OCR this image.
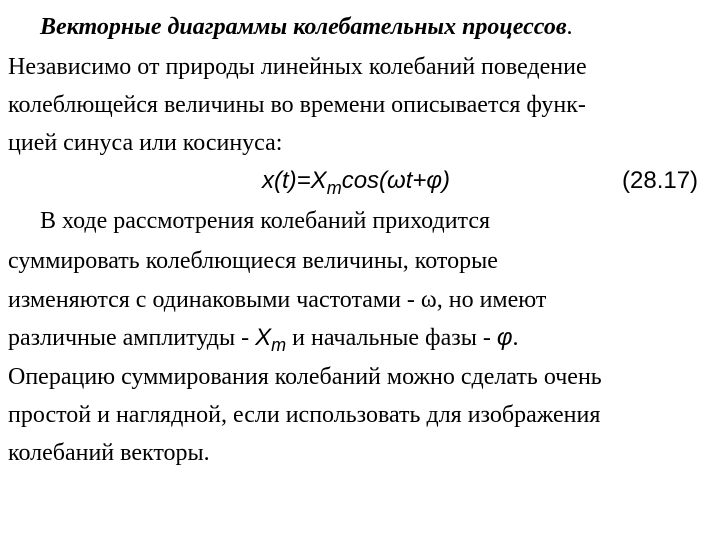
Векторные диаграммы колебательных процессов.
Независимо от природы линейных колебаний поведение
колеблющейся величины во времени описывается функ-
цией синуса или косинуса:
$x(t)=X_m\cos(\omega t+\varphi)$	(28.17)
В ходе рассмотрения колебаний приходится
суммировать колеблющиеся величины, которые
изменяются с одинаковыми частотами - ω, но имеют
различные амплитуды - $X_m$ и начальные фазы - φ.
Операцию суммирования колебаний можно сделать очень
простой и наглядной, если использовать для изображения
колебаний векторы.
